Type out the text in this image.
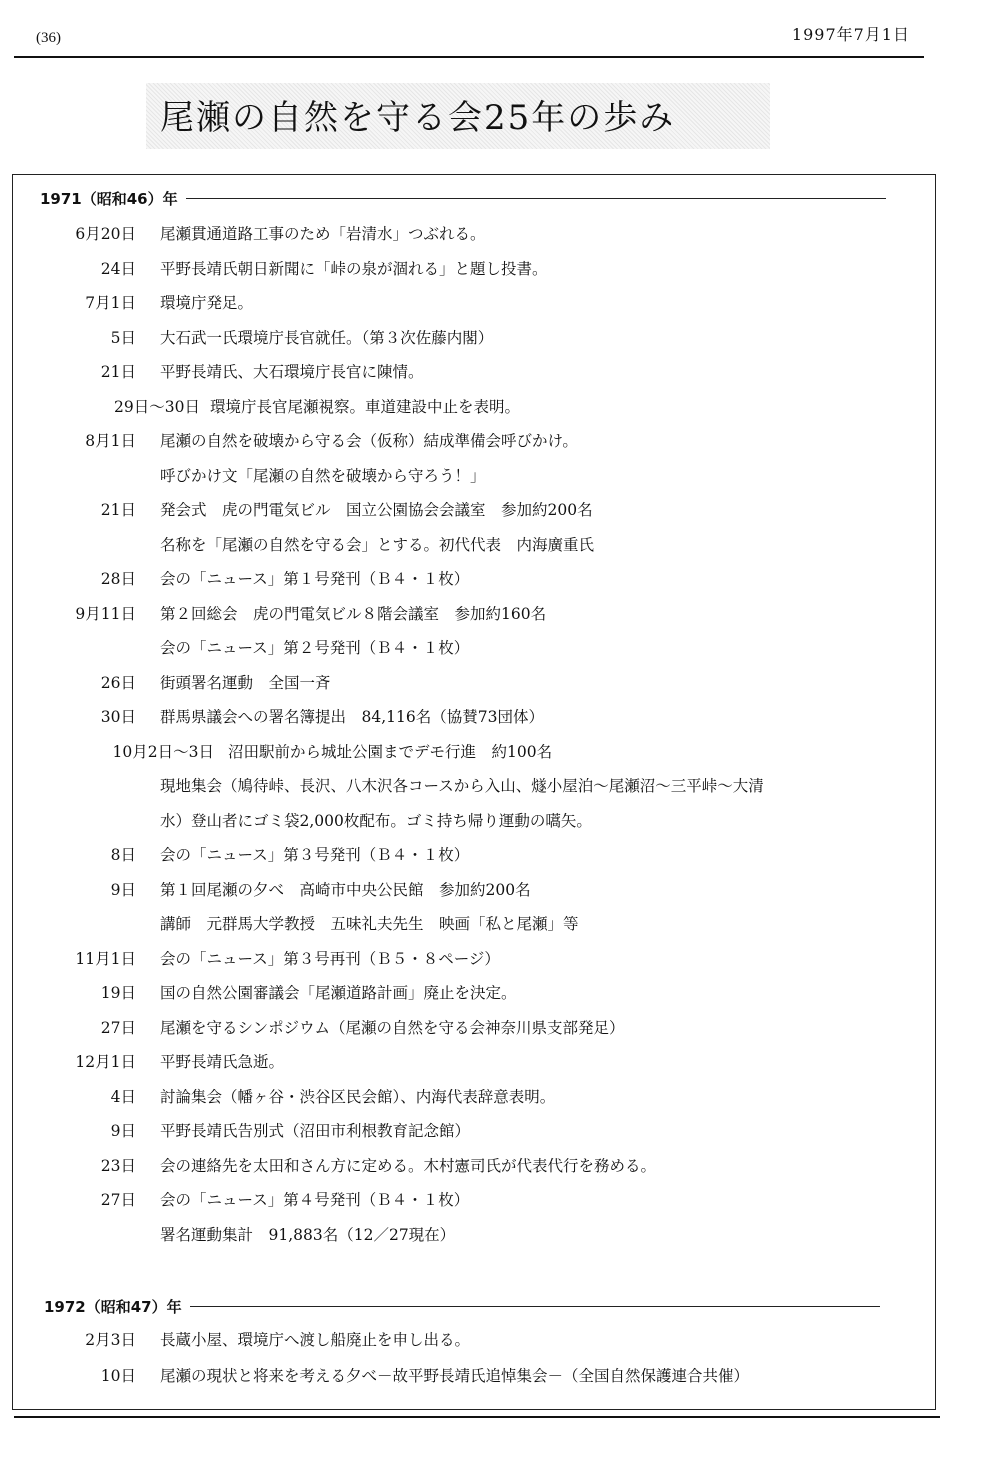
(36)	1997年7月1日
尾瀬の自然を守る会25年の歩み
1971（昭和46）年
6月20日 尾瀬貫通道路工事のため「岩清水」つぶれる。
24日 平野長靖氏朝日新聞に「峠の泉が涸れる」と題し投書。
7月1日 環境庁発足。
5日 大石武一氏環境庁長官就任。（第３次佐藤内閣）
21日 平野長靖氏、大石環境庁長官に陳情。
29日～30日 環境庁長官尾瀬視察。車道建設中止を表明。
8月1日 尾瀬の自然を破壊から守る会（仮称）結成準備会呼びかけ。
呼びかけ文「尾瀬の自然を破壊から守ろう！」
21日 発会式　虎の門電気ビル　国立公園協会会議室　参加約200名
名称を「尾瀬の自然を守る会」とする。初代代表　内海廣重氏
28日 会の「ニュース」第１号発刊（Ｂ４・１枚）
9月11日 第２回総会　虎の門電気ビル８階会議室　参加約160名
会の「ニュース」第２号発刊（Ｂ４・１枚）
26日 街頭署名運動　全国一斉
30日 群馬県議会への署名簿提出　84,116名（協賛73団体）
10月2日～3日 沼田駅前から城址公園までデモ行進　約100名
現地集会（鳩待峠、長沢、八木沢各コースから入山、燧小屋泊～尾瀬沼～三平峠～大清
水）登山者にゴミ袋2,000枚配布。ゴミ持ち帰り運動の嚆矢。
8日 会の「ニュース」第３号発刊（Ｂ４・１枚）
9日 第１回尾瀬の夕べ　高崎市中央公民館　参加約200名
講師　元群馬大学教授　五味礼夫先生　映画「私と尾瀬」等
11月1日 会の「ニュース」第３号再刊（Ｂ５・８ページ）
19日 国の自然公園審議会「尾瀬道路計画」廃止を決定。
27日 尾瀬を守るシンポジウム（尾瀬の自然を守る会神奈川県支部発足）
12月1日 平野長靖氏急逝。
4日 討論集会（幡ヶ谷・渋谷区民会館）、内海代表辞意表明。
9日 平野長靖氏告別式（沼田市利根教育記念館）
23日 会の連絡先を太田和さん方に定める。木村憲司氏が代表代行を務める。
27日 会の「ニュース」第４号発刊（Ｂ４・１枚）
署名運動集計　91,883名（12／27現在）
1972（昭和47）年
2月3日 長蔵小屋、環境庁へ渡し船廃止を申し出る。
10日 尾瀬の現状と将来を考える夕べ－故平野長靖氏追悼集会－（全国自然保護連合共催）
